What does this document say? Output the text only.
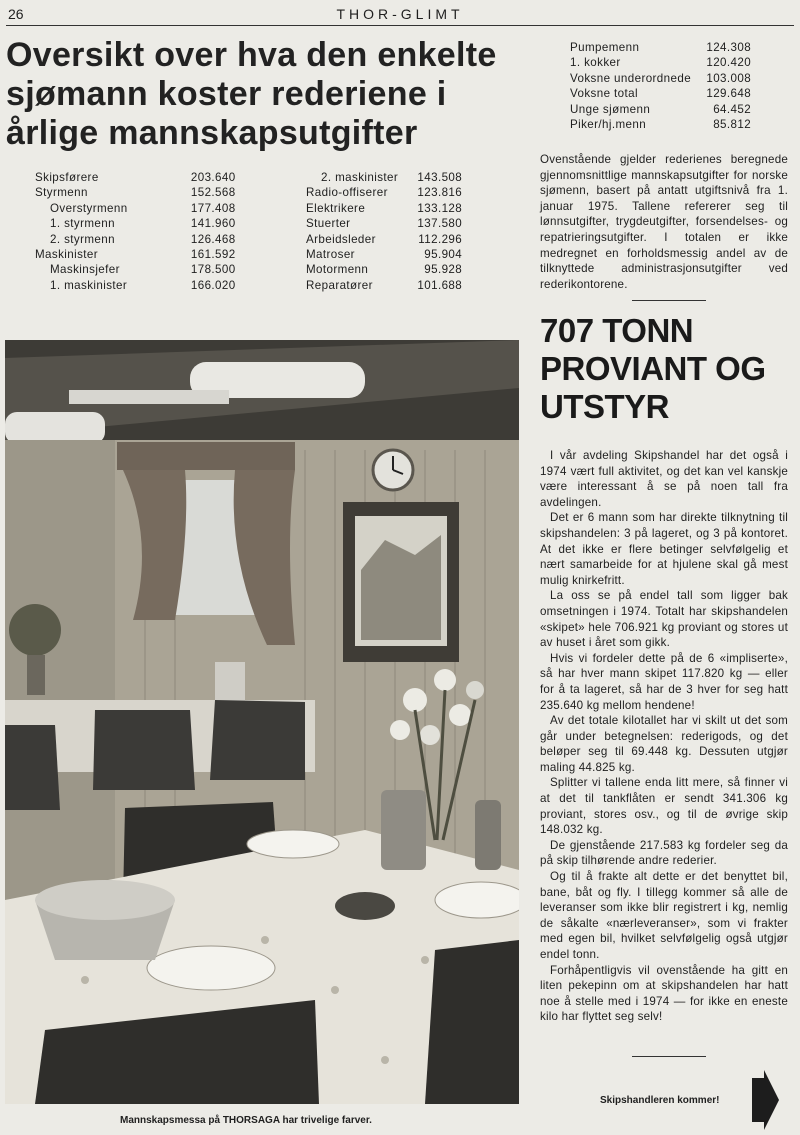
26	THOR-GLIMT
Oversikt over hva den enkelte sjømann koster rederiene i årlige mannskapsutgifter
Skipsførere	203.640
Styrmenn	152.568
Overstyrmenn	177.408
1. styrmenn	141.960
2. styrmenn	126.468
Maskinister	161.592
Maskinsjefer	178.500
1. maskinister	166.020
2. maskinister	143.508
Radio-offiserer	123.816
Elektrikere	133.128
Stuerter	137.580
Arbeidsleder	112.296
Matroser	95.904
Motormenn	95.928
Reparatører	101.688
Pumpemenn	124.308
1. kokker	120.420
Voksne underordnede	103.008
Voksne total	129.648
Unge sjømenn	64.452
Piker/hj.menn	85.812

Ovenstående gjelder rederienes beregnede gjennomsnittlige mannskapsutgifter for norske sjømenn, basert på antatt utgiftsnivå fra 1. januar 1975. Tallene refererer seg til lønnsutgifter, trygdeutgifter, forsendelses- og repatrieringsutgifter. I totalen er ikke medregnet en forholdsmessig andel av de tilknyttede administrasjonsutgifter ved rederikontorene.

707 TONN PROVIANT OG UTSTYR

I vår avdeling Skipshandel har det også i 1974 vært full aktivitet, og det kan vel kanskje være interessant å se på noen tall fra avdelingen.

Det er 6 mann som har direkte tilknytning til skipshandelen: 3 på lageret, og 3 på kontoret. At det ikke er flere betinger selvfølgelig et nært samarbeide for at hjulene skal gå mest mulig knirkefritt.

La oss se på endel tall som ligger bak omsetningen i 1974. Totalt har skipshandelen «skipet» hele 706.921 kg proviant og stores ut av huset i året som gikk.

Hvis vi fordeler dette på de 6 «impliserte», så har hver mann skipet 117.820 kg — eller for å ta lageret, så har de 3 hver for seg hatt 235.640 kg mellom hendene!

Av det totale kilotallet har vi skilt ut det som går under betegnelsen: rederigods, og det beløper seg til 69.448 kg. Dessuten utgjør maling 44.825 kg.

Splitter vi tallene enda litt mere, så finner vi at det til tankflåten er sendt 341.306 kg proviant, stores osv., og til de øvrige skip 148.032 kg.

De gjenstående 217.583 kg fordeler seg da på skip tilhørende andre rederier.

Og til å frakte alt dette er det benyttet bil, bane, båt og fly. I tillegg kommer så alle de leveranser som ikke blir registrert i kg, nemlig de såkalte «nærleveranser», som vi frakter med egen bil, hvilket selvfølgelig også utgjør endel tonn.

Forhåpentligvis vil ovenstående ha gitt en liten pekepinn om at skipshandelen har hatt noe å stelle med i 1974 — for ikke en eneste kilo har flyttet seg selv!

Skipshandleren kommer!
Mannskapsmessa på THORSAGA har trivelige farver.
